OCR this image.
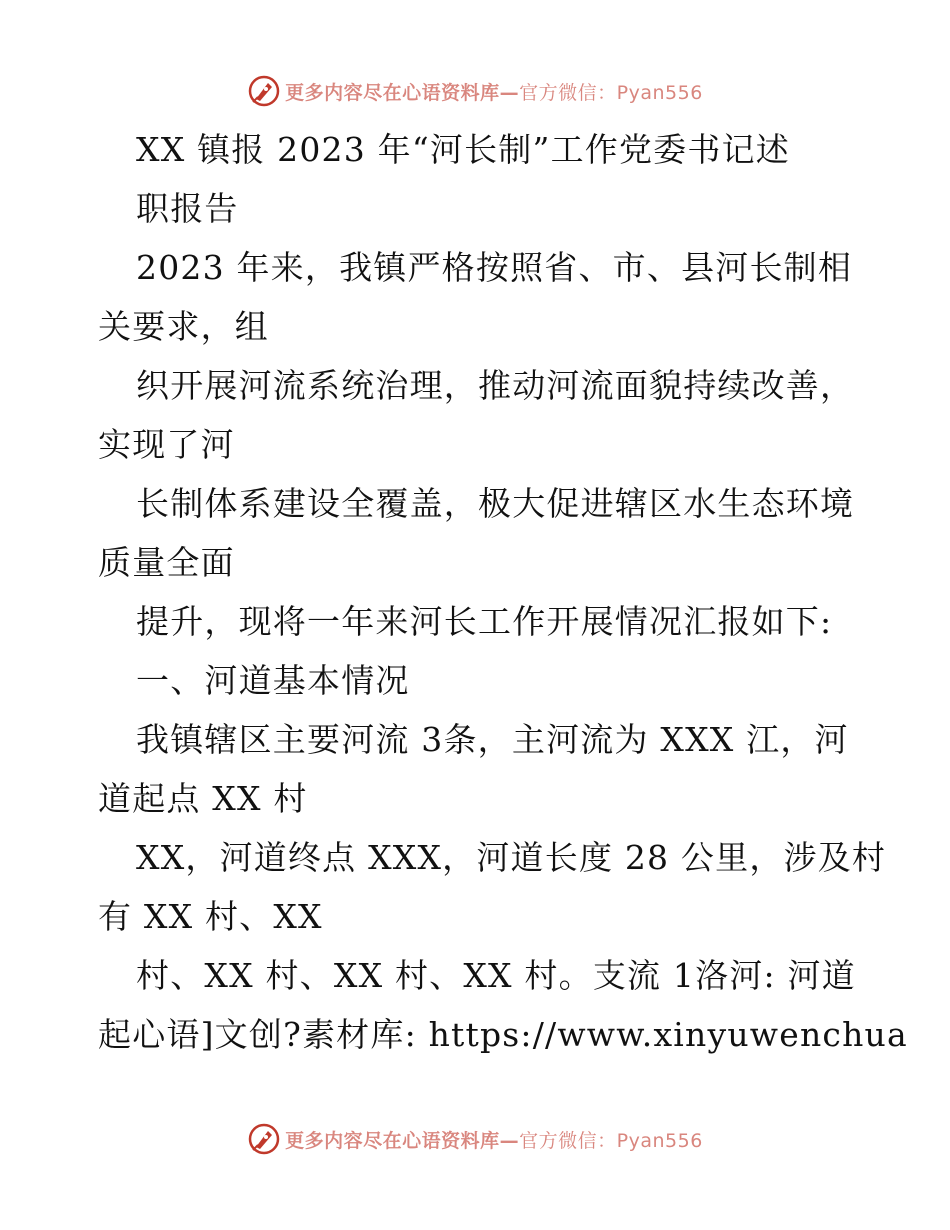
更多内容尽在心语资料库—官方微信：Pyan556
XX 镇报 2023 年“河长制”工作党委书记述
职报告
2023 年来，我镇严格按照省、市、县河长制相
关要求，组
织开展河流系统治理，推动河流面貌持续改善，
实现了河
长制体系建设全覆盖，极大促进辖区水生态环境
质量全面
提升，现将一年来河长工作开展情况汇报如下:
一、河道基本情况
我镇辖区主要河流 3条，主河流为 XXX 江，河
道起点 XX 村
XX，河道终点 XXX，河道长度 28 公里，涉及村
有 XX 村、XX
村、XX 村、XX 村、XX 村。支流 1洛河: 河道
起心语]文创?素材库: https://www.xinyuwenchua
更多内容尽在心语资料库—官方微信：Pyan556
